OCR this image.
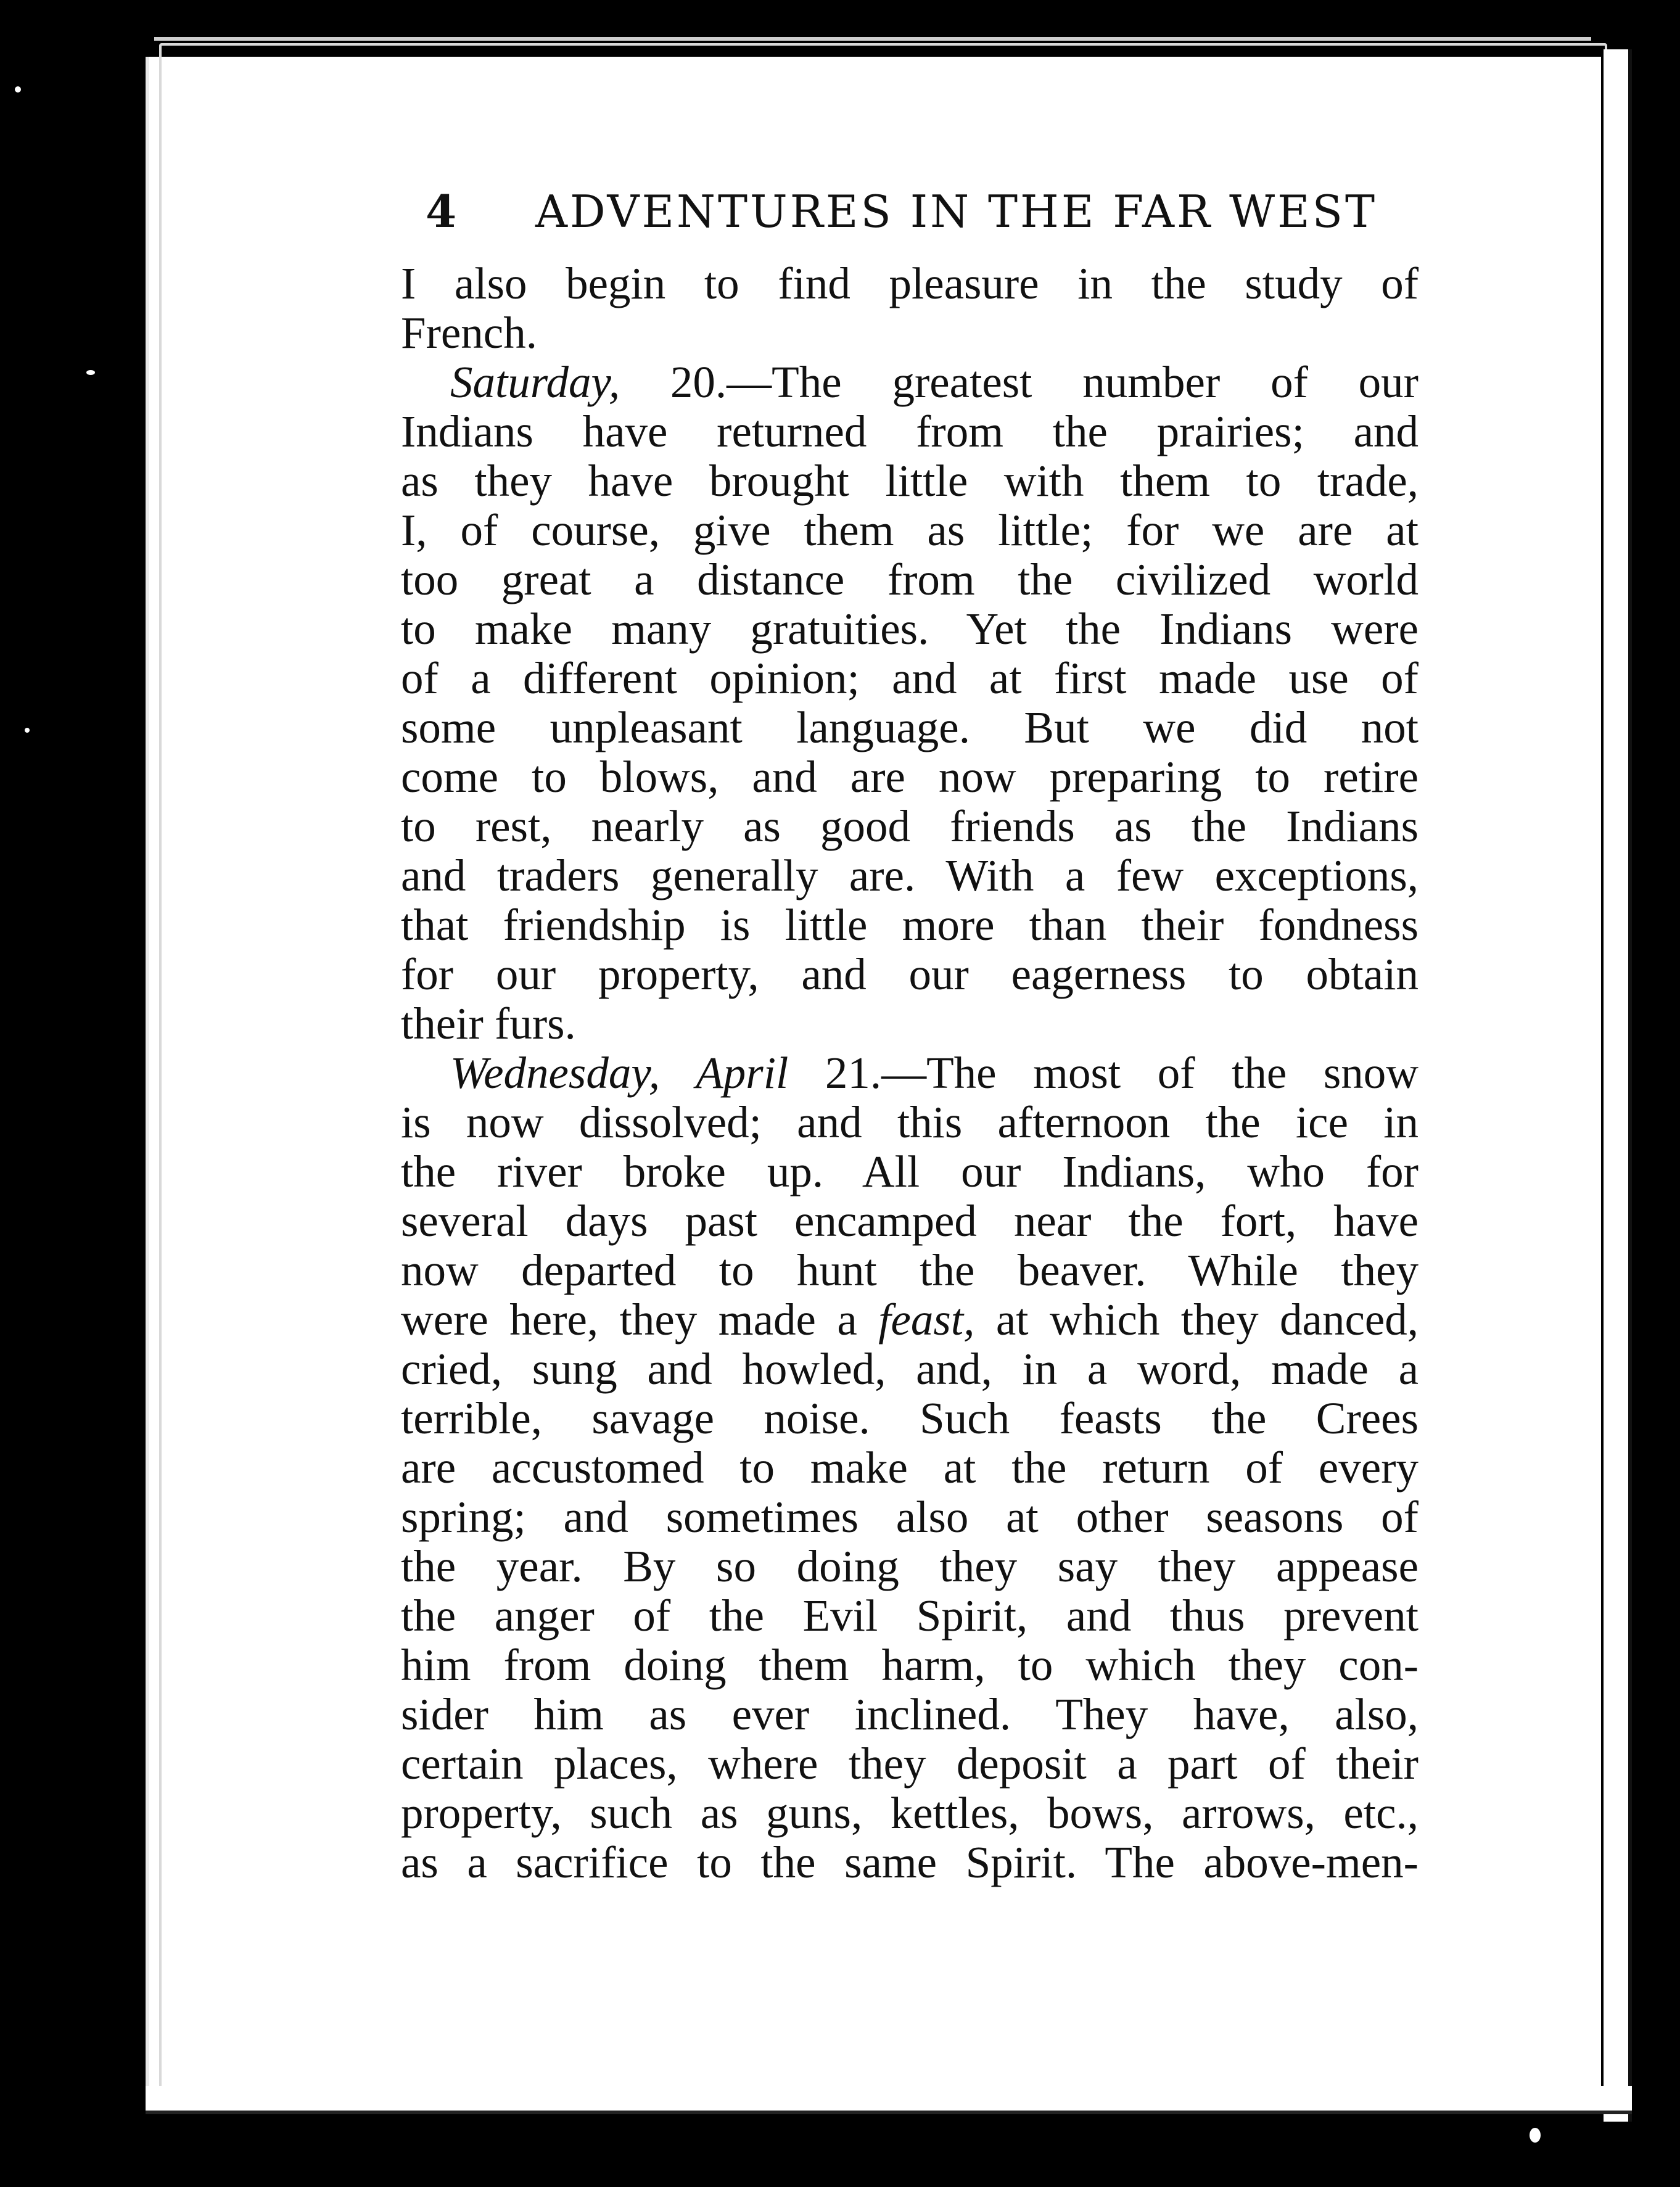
4 ADVENTURES IN THE FAR WEST
I also begin to find pleasure in the study of
French.
Saturday, 20.—The greatest number of our
Indians have returned from the prairies; and
as they have brought little with them to trade,
I, of course, give them as little; for we are at
too great a distance from the civilized world
to make many gratuities. Yet the Indians were
of a different opinion; and at first made use of
some unpleasant language. But we did not
come to blows, and are now preparing to retire
to rest, nearly as good friends as the Indians
and traders generally are. With a few exceptions,
that friendship is little more than their fondness
for our property, and our eagerness to obtain
their furs.
Wednesday, April 21.—The most of the snow
is now dissolved; and this afternoon the ice in
the river broke up. All our Indians, who for
several days past encamped near the fort, have
now departed to hunt the beaver. While they
were here, they made a feast, at which they danced,
cried, sung and howled, and, in a word, made a
terrible, savage noise. Such feasts the Crees
are accustomed to make at the return of every
spring; and sometimes also at other seasons of
the year. By so doing they say they appease
the anger of the Evil Spirit, and thus prevent
him from doing them harm, to which they con-
sider him as ever inclined. They have, also,
certain places, where they deposit a part of their
property, such as guns, kettles, bows, arrows, etc.,
as a sacrifice to the same Spirit. The above-men-
